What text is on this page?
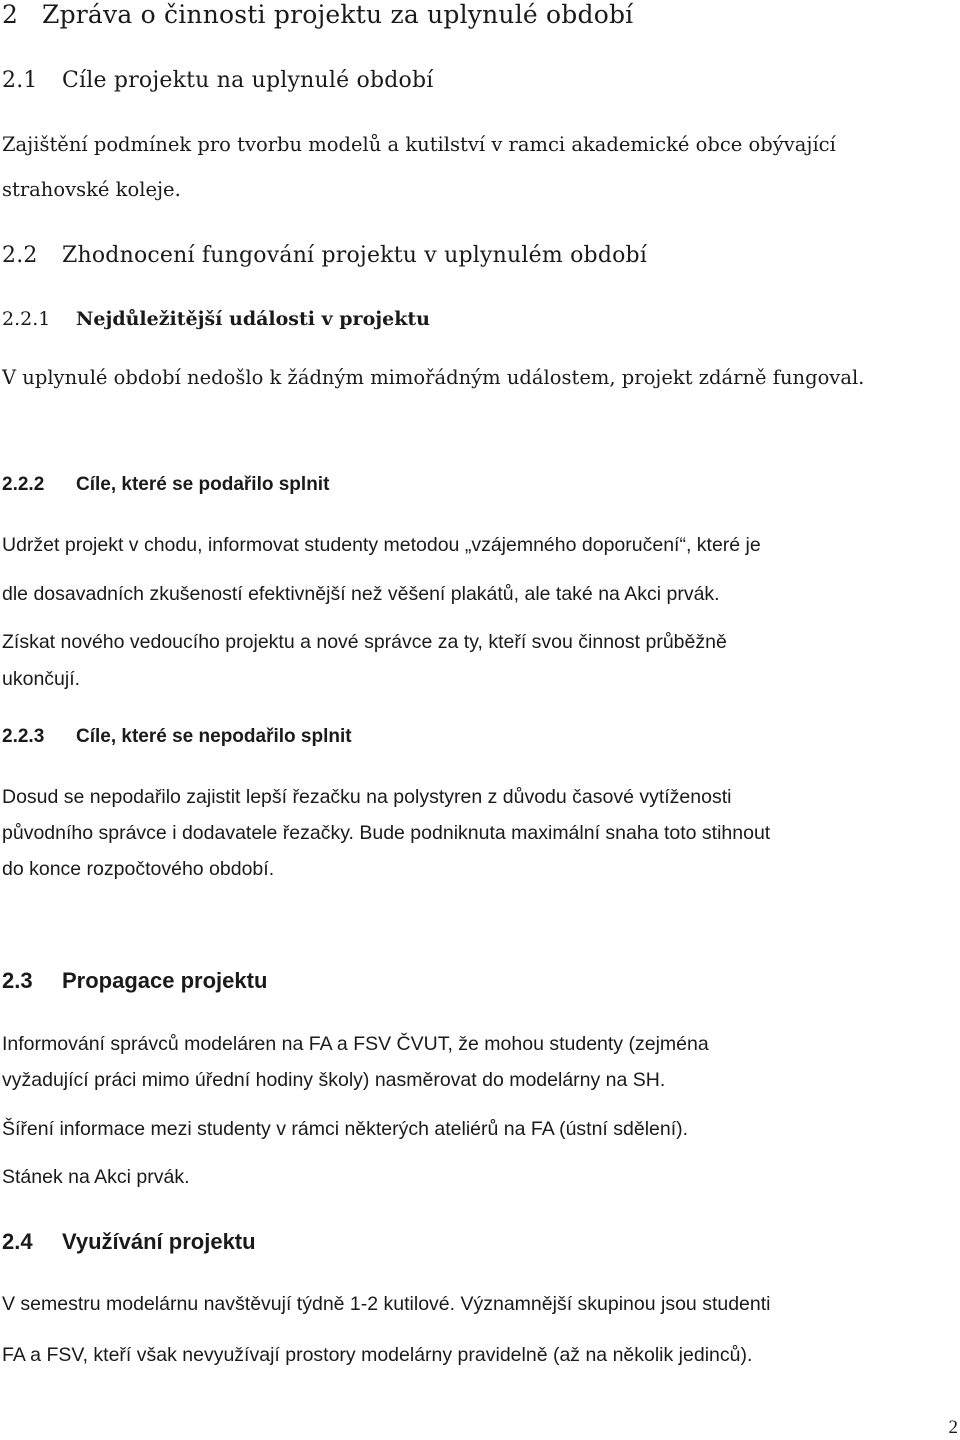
2 Zpráva o činnosti projektu za uplynulé období
2.1 Cíle projektu na uplynulé období

Zajištění podmínek pro tvorbu modelů a kutilství v ramci akademické obce obývající

strahovské koleje.

2.2 Zhodnocení fungování projektu v uplynulém období
2.2.1 Nejdůležitější události v projektu

V uplynulé období nedošlo k žádným mimořádným událostem, projekt zdárně fungoval.

2.2.2 Cíle, které se podařilo splnit

Udržet projekt v chodu, informovat studenty metodou „vzájemného doporučení“, které je

dle dosavadních zkušeností efektivnější než věšení plakátů, ale také na Akci prvák.

Získat nového vedoucího projektu a nové správce za ty, kteří svou činnost průběžně

ukončují.

2.2.3 Cíle, které se nepodařilo splnit

Dosud se nepodařilo zajistit lepší řezačku na polystyren z důvodu časové vytíženosti

původního správce i dodavatele řezačky. Bude podniknuta maximální snaha toto stihnout

do konce rozpočtového období.

2.3 Propagace projektu

Informování správců modeláren na FA a FSV ČVUT, že mohou studenty (zejména

vyžadující práci mimo úřední hodiny školy) nasměrovat do modelárny na SH.

Šíření informace mezi studenty v rámci některých ateliérů na FA (ústní sdělení).

Stánek na Akci prvák.

2.4 Využívání projektu

V semestru modelárnu navštěvují týdně 1-2 kutilové. Významnější skupinou jsou studenti

FA a FSV, kteří však nevyužívají prostory modelárny pravidelně (až na několik jedinců).

2
